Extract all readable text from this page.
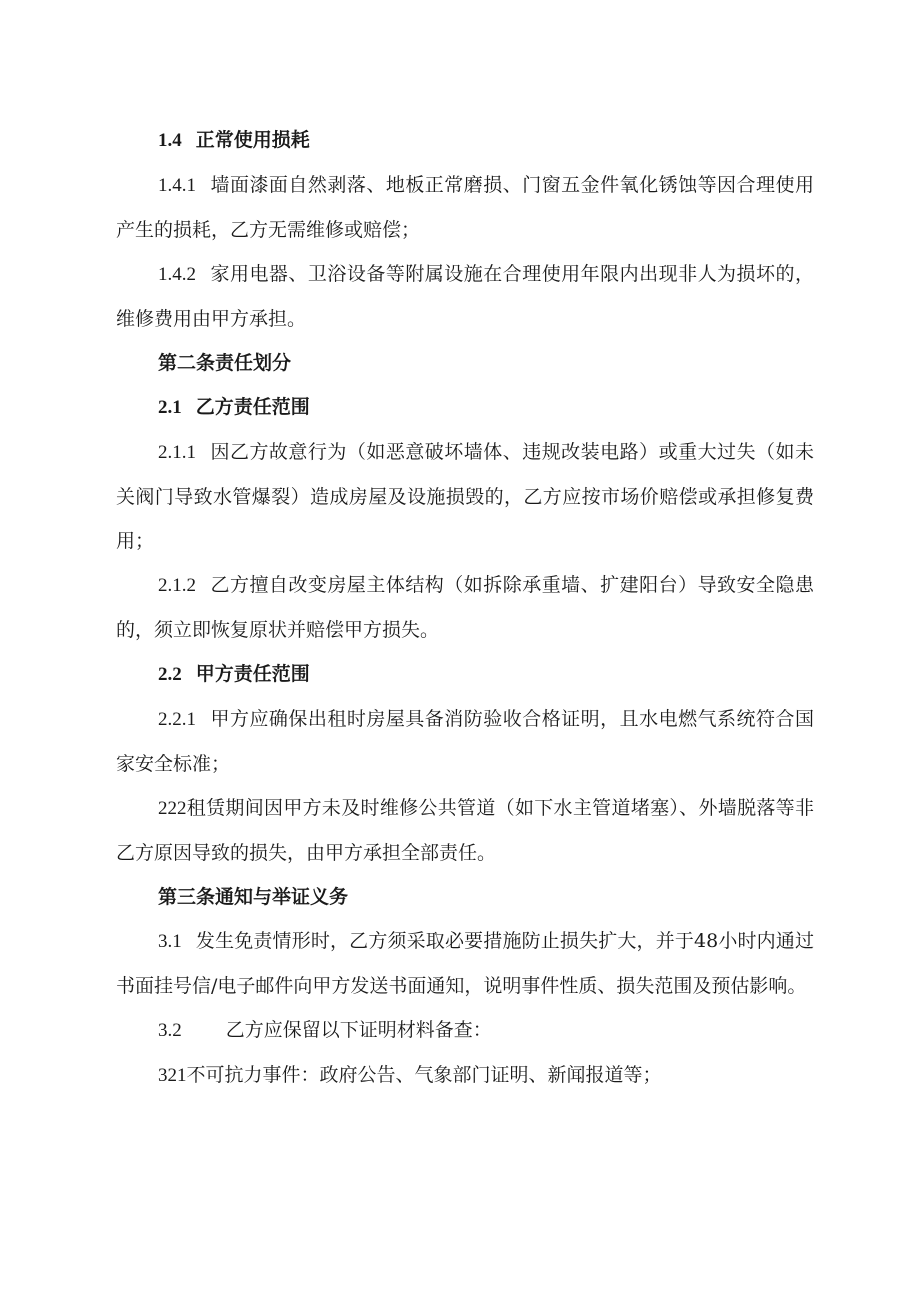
1.4 正常使用损耗

1.4.1 墙面漆面自然剥落、地板正常磨损、门窗五金件氧化锈蚀等因合理使用产生的损耗，乙方无需维修或赔偿；

1.4.2 家用电器、卫浴设备等附属设施在合理使用年限内出现非人为损坏的，维修费用由甲方承担。

第二条责任划分

2.1 乙方责任范围

2.1.1 因乙方故意行为（如恶意破坏墙体、违规改装电路）或重大过失（如未关阀门导致水管爆裂）造成房屋及设施损毁的，乙方应按市场价赔偿或承担修复费用；

2.1.2 乙方擅自改变房屋主体结构（如拆除承重墙、扩建阳台）导致安全隐患的，须立即恢复原状并赔偿甲方损失。

2.2 甲方责任范围

2.2.1 甲方应确保出租时房屋具备消防验收合格证明，且水电燃气系统符合国家安全标准；

222租赁期间因甲方未及时维修公共管道（如下水主管道堵塞）、外墙脱落等非乙方原因导致的损失，由甲方承担全部责任。

第三条通知与举证义务

3.1 发生免责情形时，乙方须采取必要措施防止损失扩大，并于48小时内通过书面挂号信/电子邮件向甲方发送书面通知，说明事件性质、损失范围及预估影响。

3.2 乙方应保留以下证明材料备查：

321不可抗力事件：政府公告、气象部门证明、新闻报道等；
